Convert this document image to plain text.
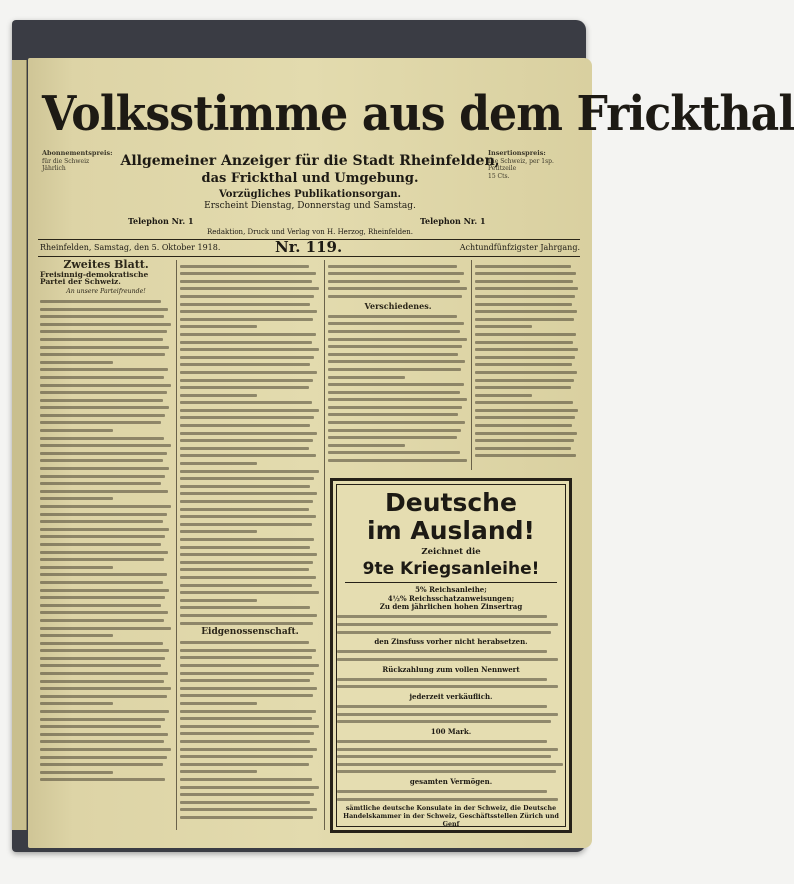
Abonnementspreis:
für die Schweiz
Jährlich
Insertionspreis:
Die Schweiz, per 1sp. Petitzeile
15 Cts.
Volksstimme aus dem Frickthal
Allgemeiner Anzeiger für die Stadt Rheinfelden,
das Frickthal und Umgebung.
Vorzügliches Publikationsorgan.
Erscheint Dienstag, Donnerstag und Samstag.
Telephon Nr. 1	Telephon Nr. 1
Redaktion, Druck und Verlag von H. Herzog, Rheinfelden.
Rheinfelden, Samstag, den 5. Oktober 1918.	Nr. 119.	Achtundfünfzigster Jahrgang.
Zweites Blatt.
Freisinnig-demokratische Partei der Schweiz.
An unsere Parteifreunde!
Eidgenossenschaft.
Verschiedenes.
Deutsche
im Ausland!
Zeichnet die
9te Kriegsanleihe!

5% Reichsanleihe;

4½% Reichsschatzanweisungen;

Zu dem jährlichen hohen Zinsertrag

den Zinsfuss vorher nicht herabsetzen.

Rückzahlung zum vollen Nennwert

jederzeit verkäuflich.

100 Mark.

gesamten Vermögen.

sämtliche deutsche Konsulate in der Schweiz, die Deutsche Handelskammer in der Schweiz, Geschäftsstellen Zürich und Genf
